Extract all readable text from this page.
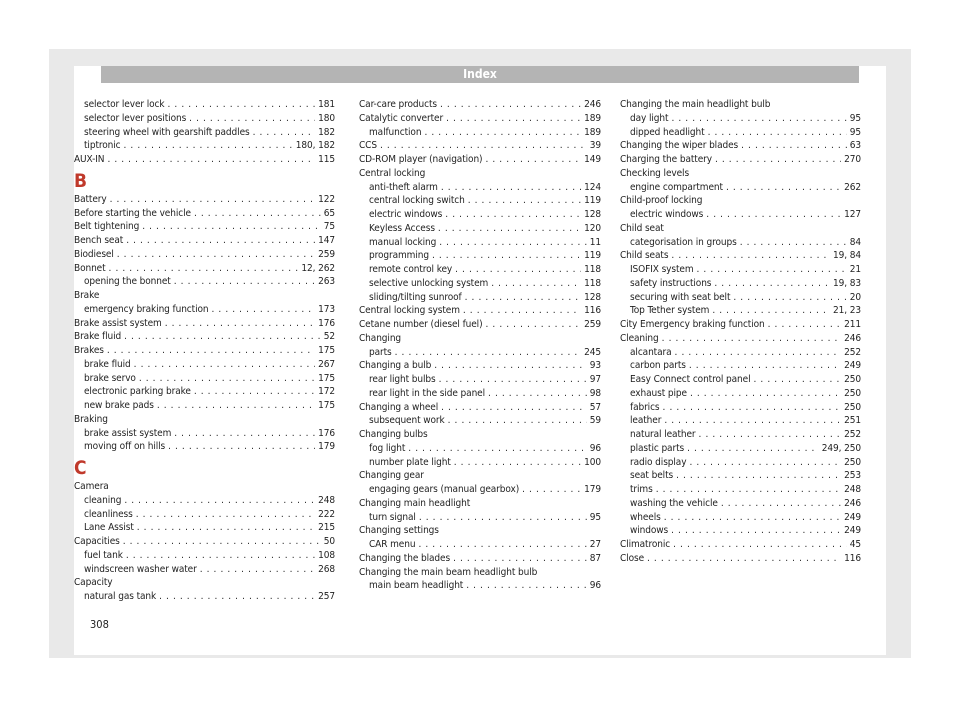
Index
selector lever lock . . .	181
selector lever positions . . .	180
steering wheel with gearshift paddles . . .	182
tiptronic . . .	180, 182
AUX-IN . . .	115
B
Battery . . .	122
Before starting the vehicle . . .	65
Belt tightening . . .	75
Bench seat . . .	147
Biodiesel . . .	259
Bonnet . . .	12, 262
opening the bonnet . . .	263
Brake
emergency braking function . . .	173
Brake assist system . . .	176
Brake fluid . . .	52
Brakes . . .	175
brake fluid . . .	267
brake servo . . .	175
electronic parking brake . . .	172
new brake pads . . .	175
Braking
brake assist system . . .	176
moving off on hills . . .	179
C
Camera
cleaning . . .	248
cleanliness . . .	222
Lane Assist . . .	215
Capacities . . .	50
fuel tank . . .	108
windscreen washer water . . .	268
Capacity
natural gas tank . . .	257
Car-care products . . .	246
Catalytic converter . . .	189
malfunction . . .	189
CCS . . .	39
CD-ROM player (navigation) . . .	149
Central locking
anti-theft alarm . . .	124
central locking switch . . .	119
electric windows . . .	128
Keyless Access . . .	120
manual locking . . .	11
programming . . .	119
remote control key . . .	118
selective unlocking system . . .	118
sliding/tilting sunroof . . .	128
Central locking system . . .	116
Cetane number (diesel fuel) . . .	259
Changing
parts . . .	245
Changing a bulb . . .	93
rear light bulbs . . .	97
rear light in the side panel . . .	98
Changing a wheel . . .	57
subsequent work . . .	59
Changing bulbs
fog light . . .	96
number plate light . . .	100
Changing gear
engaging gears (manual gearbox) . . .	179
Changing main headlight
turn signal . . .	95
Changing settings
CAR menu . . .	27
Changing the blades . . .	87
Changing the main beam headlight bulb
main beam headlight . . .	96
Changing the main headlight bulb
day light . . .	95
dipped headlight . . .	95
Changing the wiper blades . . .	63
Charging the battery . . .	270
Checking levels
engine compartment . . .	262
Child-proof locking
electric windows . . .	127
Child seat
categorisation in groups . . .	84
Child seats . . .	19, 84
ISOFIX system . . .	21
safety instructions . . .	19, 83
securing with seat belt . . .	20
Top Tether system . . .	21, 23
City Emergency braking function . . .	211
Cleaning . . .	246
alcantara . . .	252
carbon parts . . .	249
Easy Connect control panel . . .	250
exhaust pipe . . .	250
fabrics . . .	250
leather . . .	251
natural leather . . .	252
plastic parts . . .	249, 250
radio display . . .	250
seat belts . . .	253
trims . . .	248
washing the vehicle . . .	246
wheels . . .	249
windows . . .	249
Climatronic . . .	45
Close . . .	116
308
